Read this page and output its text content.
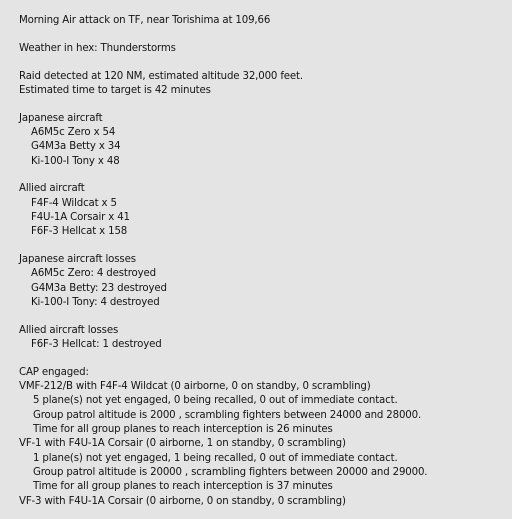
Morning Air attack on TF, near Torishima at 109,66
Weather in hex: Thunderstorms
Raid detected at 120 NM, estimated altitude 32,000 feet.
Estimated time to target is 42 minutes
Japanese aircraft
A6M5c Zero x 54
G4M3a Betty x 34
Ki-100-I Tony x 48
Allied aircraft
F4F-4 Wildcat x 5
F4U-1A Corsair x 41
F6F-3 Hellcat x 158
Japanese aircraft losses
A6M5c Zero: 4 destroyed
G4M3a Betty: 23 destroyed
Ki-100-I Tony: 4 destroyed
Allied aircraft losses
F6F-3 Hellcat: 1 destroyed
CAP engaged:
VMF-212/B with F4F-4 Wildcat (0 airborne, 0 on standby, 0 scrambling)
5 plane(s) not yet engaged, 0 being recalled, 0 out of immediate contact.
Group patrol altitude is 2000 , scrambling fighters between 24000 and 28000.
Time for all group planes to reach interception is 26 minutes
VF-1 with F4U-1A Corsair (0 airborne, 1 on standby, 0 scrambling)
1 plane(s) not yet engaged, 1 being recalled, 0 out of immediate contact.
Group patrol altitude is 20000 , scrambling fighters between 20000 and 29000.
Time for all group planes to reach interception is 37 minutes
VF-3 with F4U-1A Corsair (0 airborne, 0 on standby, 0 scrambling)
